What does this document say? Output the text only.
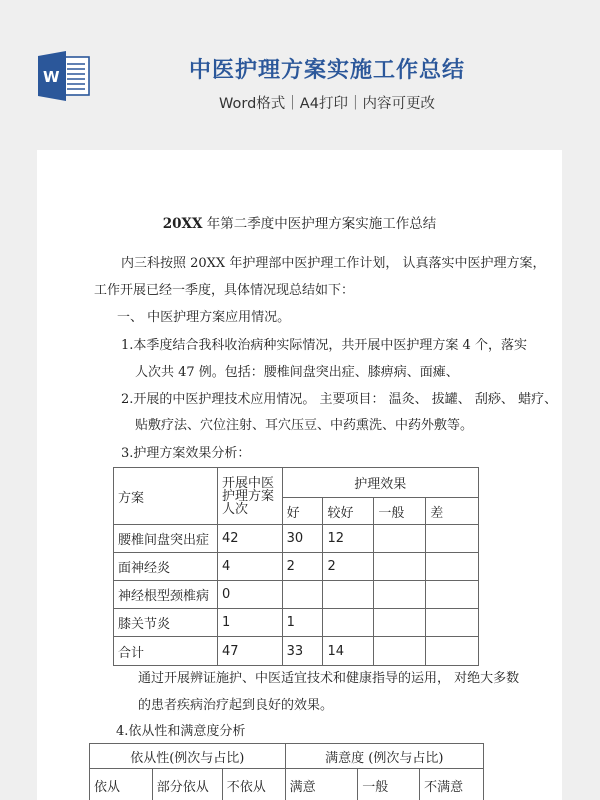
W	中医护理方案实施工作总结
Word格式｜A4打印｜内容可更改
20XX 年第二季度中医护理方案实施工作总结
内三科按照 20XX 年护理部中医护理工作计划， 认真落实中医护理方案，
工作开展已经一季度，具体情况现总结如下：
一、 中医护理方案应用情况。
1.本季度结合我科收治病种实际情况，共开展中医护理方案 4 个，落实
人次共 47 例。包括：腰椎间盘突出症、膝痹病、面瘫、
2.开展的中医护理技术应用情况。 主要项目： 温灸、 拔罐、 刮痧、 蜡疗、
贴敷疗法、穴位注射、耳穴压豆、中药熏洗、中药外敷等。
3.护理方案效果分析：
方案	开展中医护理方案人次	护理效果			
		好	较好	一般	差
腰椎间盘突出症	42	30	12		
面神经炎	4	2	2		
神经根型颈椎病	0				
膝关节炎	1	1			
合计	47	33	14		
通过开展辨证施护、中医适宜技术和健康指导的运用， 对绝大多数
的患者疾病治疗起到良好的效果。
4.依从性和满意度分析
依从性(例次与占比)			满意度 (例次与占比)		
依从	部分依从	不依从	满意	一般	不满意
